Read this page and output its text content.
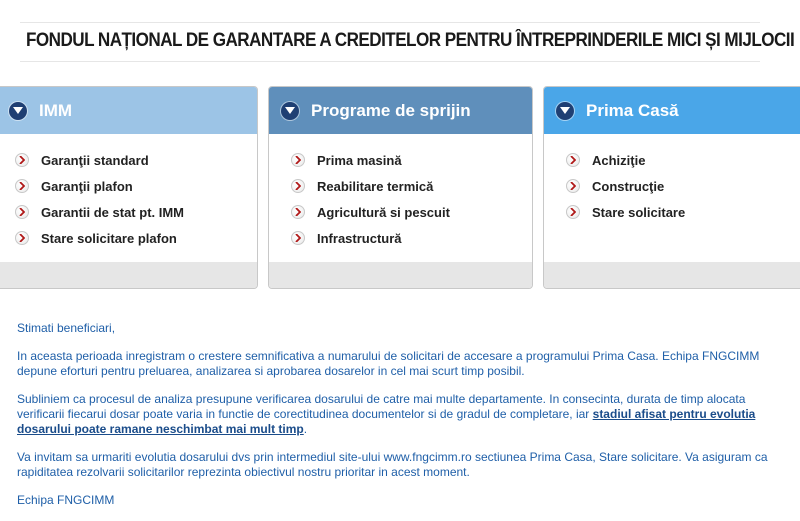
FONDUL NAȚIONAL DE GARANTARE A CREDITELOR PENTRU ÎNTREPRINDERILE MICI ȘI MIJLOCII
IMM
Garanţii standard
Garanţii plafon
Garantii de stat pt. IMM
Stare solicitare plafon
Programe de sprijin
Prima masină
Reabilitare termică
Agricultură si pescuit
Infrastructură
Prima Casă
Achiziţie
Construcţie
Stare solicitare

Stimati beneficiari,

In aceasta perioada inregistram o crestere semnificativa a numarului de solicitari de accesare a programului Prima Casa. Echipa FNGCIMM depune eforturi pentru preluarea, analizarea si aprobarea dosarelor in cel mai scurt timp posibil.

Subliniem ca procesul de analiza presupune verificarea dosarului de catre mai multe departamente. In consecinta, durata de timp alocata verificarii fiecarui dosar poate varia in functie de corectitudinea documentelor si de gradul de completare, iar stadiul afisat pentru evolutia dosarului poate ramane neschimbat mai mult timp.

Va invitam sa urmariti evolutia dosarului dvs prin intermediul site-ului www.fngcimm.ro sectiunea Prima Casa, Stare solicitare. Va asiguram ca rapiditatea rezolvarii solicitarilor reprezinta obiectivul nostru prioritar in acest moment.

Echipa FNGCIMM
